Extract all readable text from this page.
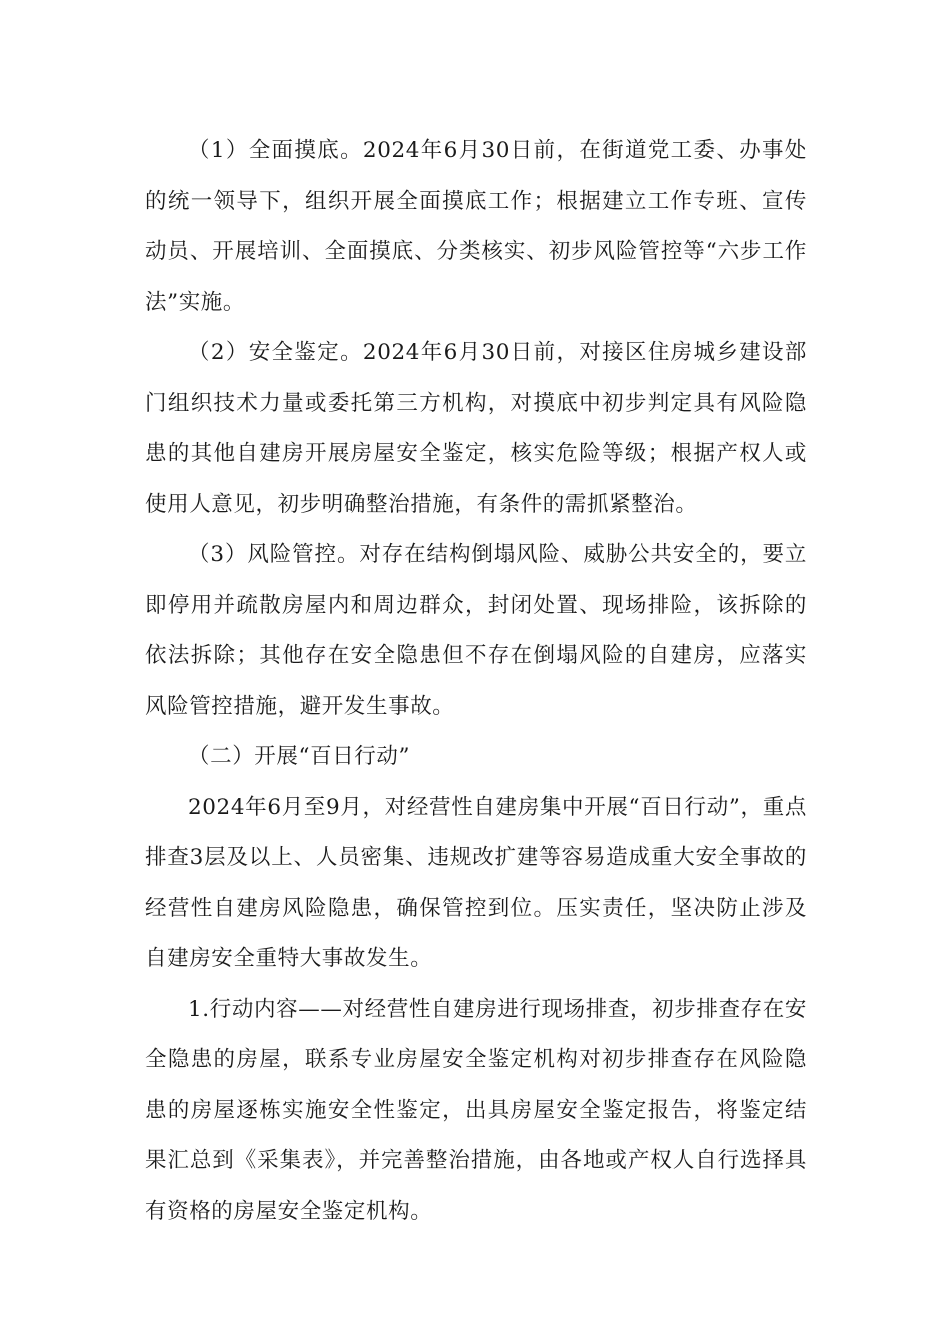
（1）全面摸底。2024年6月30日前，在街道党工委、办事处的统一领导下，组织开展全面摸底工作；根据建立工作专班、宣传动员、开展培训、全面摸底、分类核实、初步风险管控等“六步工作法”实施。

（2）安全鉴定。2024年6月30日前，对接区住房城乡建设部门组织技术力量或委托第三方机构，对摸底中初步判定具有风险隐患的其他自建房开展房屋安全鉴定，核实危险等级；根据产权人或使用人意见，初步明确整治措施，有条件的需抓紧整治。

（3）风险管控。对存在结构倒塌风险、威胁公共安全的，要立即停用并疏散房屋内和周边群众，封闭处置、现场排险，该拆除的依法拆除；其他存在安全隐患但不存在倒塌风险的自建房，应落实风险管控措施，避开发生事故。

（二）开展“百日行动”

2024年6月至9月，对经营性自建房集中开展“百日行动”，重点排查3层及以上、人员密集、违规改扩建等容易造成重大安全事故的经营性自建房风险隐患，确保管控到位。压实责任，坚决防止涉及自建房安全重特大事故发生。

1.行动内容——对经营性自建房进行现场排查，初步排查存在安全隐患的房屋，联系专业房屋安全鉴定机构对初步排查存在风险隐患的房屋逐栋实施安全性鉴定，出具房屋安全鉴定报告，将鉴定结果汇总到《采集表》，并完善整治措施，由各地或产权人自行选择具有资格的房屋安全鉴定机构。
